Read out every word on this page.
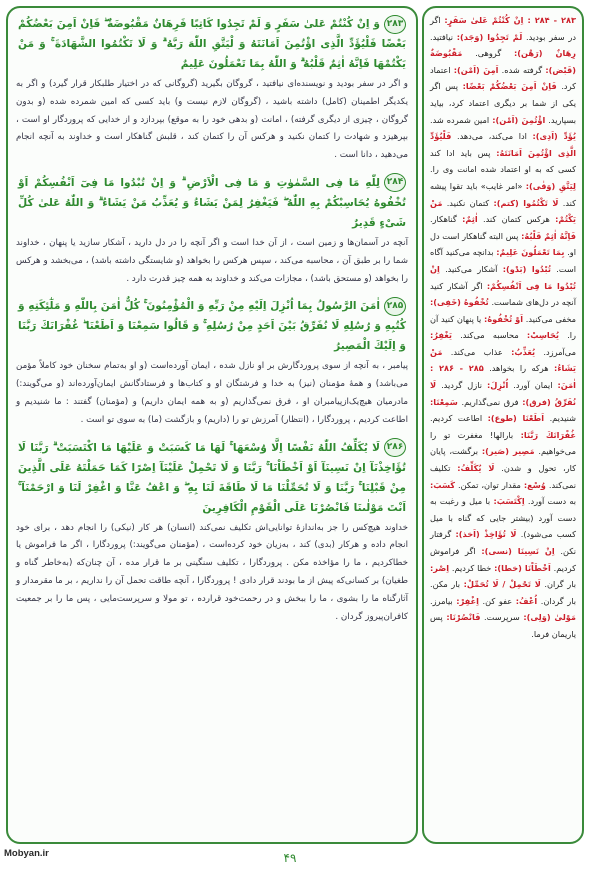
۲۸۳وَ اِنْ كُنْتُمْ عَلىٰ سَفَرٍ وَ لَمْ تَجِدُوا كَاتِبًا فَرِهَانٌ مَقْبُوضَةٌ ۖ فَاِنْ اَمِنَ بَعْضُكُمْ بَعْضًا فَلْيُؤَدِّ الَّذِى اؤْتُمِنَ اَمَانَتَهُ وَ لْيَتَّقِ اللّٰهَ رَبَّهُ ۗ وَ لَا تَكْتُمُوا الشَّهَادَةَ ۚ وَ مَنْ يَكْتُمْهَا فَاِنَّهُ اٰثِمٌ قَلْبُهُ ۗ وَ اللّٰهُ بِمَا تَعْمَلُونَ عَلِيمٌ
و اگر در سفر بودید و نویسنده‌ای نیافتید ، گروگان بگیرید (گروگانی که در اختیار طلبکار قرار گیرد) و اگر به یکدیگر اطمینان (کامل) داشته باشید ، (گروگان لازم نیست و) باید کسی که امین شمرده شده (و بدون گروگان ، چیزی از دیگری گرفته) ، امانت (و بدهی خود را به موقع) بپردازد و از خدایی که پروردگار او است ، بپرهیزد و شهادت را کتمان نکنید و هرکس آن را کتمان کند ، قلبش گناهکار است و خداوند به آنچه انجام می‌دهید ، دانا است .
۲۸۴لِلّٰهِ مَا فِى السَّمٰوٰتِ وَ مَا فِى الْاَرْضِ ۗ وَ اِنْ تُبْدُوا مَا فِىٓ اَنْفُسِكُمْ اَوْ تُخْفُوهُ يُحَاسِبْكُمْ بِهِ اللّٰهُ ۖ فَيَغْفِرُ لِمَنْ يَشَاءُ وَ يُعَذِّبُ مَنْ يَشَاءُ ۗ وَ اللّٰهُ عَلىٰ كُلِّ شَىْءٍ قَدِيرٌ
آنچه در آسمان‌ها و زمین است ، از آن خدا است و اگر آنچه را در دل دارید ، آشکار سازید یا پنهان ، خداوند شما را بر طبق آن ، محاسبه می‌کند ، سپس هرکس را بخواهد (و شایستگی داشته باشد) ، می‌بخشد و هرکس را بخواهد (و مستحق باشد) ، مجازات می‌کند و خداوند به همه چیز قدرت دارد .
۲۸۵اٰمَنَ الرَّسُولُ بِمَا اُنْزِلَ اِلَيْهِ مِنْ رَبِّهِ وَ الْمُؤْمِنُونَ ۚ كُلٌّ اٰمَنَ بِاللّٰهِ وَ مَلٰٓئِكَتِهِ وَ كُتُبِهِ وَ رُسُلِهِ لَا نُفَرِّقُ بَيْنَ اَحَدٍ مِنْ رُسُلِهِ ۚ وَ قَالُوا سَمِعْنَا وَ اَطَعْنَا ۖ غُفْرَانَكَ رَبَّنَا وَ اِلَيْكَ الْمَصِيرُ
پیامبر ، به آنچه از سوی پروردگارش بر او نازل شده ، ایمان آورده‌است (و او به‌تمام سخنان خود کاملاً مؤمن می‌باشد) و همهٔ مؤمنان (نیز) به خدا و فرشتگان او و کتاب‌ها و فرستادگانش ایمان‌آورده‌اند (و می‌گویند:) ما‌درمیان هیچ‌یک‌ازپیامبران او ، فرق نمی‌گذاریم (و به همه ایمان داریم) و (مؤمنان) گفتند : ما شنیدیم و اطاعت کردیم ، پروردگارا ، (انتظار) آمرزش تو را (داریم) و بازگشت (ما) به سوی تو است .
۲۸۶لَا يُكَلِّفُ اللّٰهُ نَفْسًا اِلَّا وُسْعَهَا ۚ لَهَا مَا كَسَبَتْ وَ عَلَيْهَا مَا اكْتَسَبَتْ ۗ رَبَّنَا لَا تُؤَاخِذْنَآ اِنْ نَسِينَآ اَوْ اَخْطَاْنَا ۚ رَبَّنَا وَ لَا تَحْمِلْ عَلَيْنَآ اِصْرًا كَمَا حَمَلْتَهُ عَلَى الَّذِينَ مِنْ قَبْلِنَا ۚ رَبَّنَا وَ لَا تُحَمِّلْنَا مَا لَا طَاقَةَ لَنَا بِهِ ۖ وَ اعْفُ عَنَّا وَ اغْفِرْ لَنَا وَ ارْحَمْنَآ ۚ اَنْتَ مَوْلٰىنَا فَانْصُرْنَا عَلَى الْقَوْمِ الْكَافِرِينَ
خداوند هیچ‌کس را جز به‌اندازهٔ توانایی‌اش تکلیف نمی‌کند (انسان) هر کار (نیکی) را انجام دهد ، برای خود انجام داده و هرکار (بدی) کند ، به‌زیان خود کرده‌است ، (مؤمنان می‌گویند:) پروردگارا ، اگر ما فراموش یا خطاکردیم ، ما را مؤاخذه مکن . پروردگارا ، تکلیف سنگینی بر ما قرار مده ، آن چنان‌که (به‌خاطر گناه و طغیان) بر کسانی‌که پیش از ما بودند قرار دادی ! پروردگارا ، آنچه طاقت تحمل آن را نداریم ، بر ما مقرمدار و آثارگناه ما را بشوی ، ما را ببخش و در رحمت‌خود قرارده ، تو مولا و سرپرست‌مایی ، پس ما را بر جمعیت کافران‌پیروز گردان .
۲۸۳ - ۲۸۴ : اِنْ كُنْتُمْ عَلىٰ سَفَرٍ: اگر در سفر بودید. لَمْ تَجِدُوا (وَجَد): نیافتید. رِهَانٌ (رَهْن): گروهی. مَقْبُوضَةٌ (قَبْض): گرفته شده. اَمِنَ (اَمْن): اعتماد کرد. فَاِنْ اَمِنَ بَعْضُكُمْ بَعْضًا: پس اگر یکی از شما بر دیگری اعتماد کرد، بیاید بسپارید. اؤْتُمِنَ (اَمْن): امین شمرده شد. يُؤَدِّ (اَدِی): ادا می‌کند، می‌دهد. فَلْيُؤَدِّ الَّذِى اؤْتُمِنَ اَمَانَتَهُ: پس باید ادا کند کسی که به او اعتماد شده امانت وی را. لِيَتَّقِ (وَقٰی): «امر غایب» باید تقوا پیشه کند. لَا تَكْتُمُوا (كتم): کتمان نکنید. مَنْ يَكْتُمْ: هرکس کتمان کند. اٰثِمٌ: گناهکار. فَاِنَّهُ اٰثِمٌ قَلْبُهُ: پس البته گناهکار است دل او. بِمَا تَعْمَلُونَ عَلِيمٌ: بدانچه می‌کنید آگاه است. تُبْدُوا (بَدْو): آشکار می‌کنید. اِنْ تُبْدُوا مَا فِى اَنْفُسِكُمْ: اگر آشکار کنید آنچه در دل‌های شماست. تُخْفُوهُ (خَفِى): مخفی می‌کنید. اَوْ تُخْفُوهُ: یا پنهان کنید آن را. يُحَاسِبْ: محاسبه می‌کند. يَغْفِرُ: می‌آمرزد. يُعَذِّبُ: عذاب می‌کند. مَنْ يَشَاءُ: هرکه را بخواهد. ۲۸۵ - ۲۸۶ : اٰمَنَ: ایمان آورد. اُنْزِلَ: نازل گردید. لَا نُفَرِّقُ (فرق): فرق نمی‌گذاریم. سَمِعْنَا: شنیدیم. اَطَعْنَا (طوع): اطاعت کردیم. غُفْرَانَكَ رَبَّنَا: بارالها! مغفرت تو را می‌خواهیم. مَصِير (صَير): برگشت، پایان کار، تحول و شدن. لَا يُكَلِّفُ: تکلیف نمی‌کند. وُسْع: مقدار توان، تمکن. كَسَبَ: به دست آورد. اِكْتَسَبَ: با میل و رغبت به دست آورد (بیشتر جایی که گناه با میل کسب می‌شود). لَا تُؤَاخِذْ (اَخذ): گرفتار نکن. اِنْ نَسِينَا (نسی): اگر فراموش کردیم. اَخْطَاْنَا (خطا): خطا کردیم. اِصْر: بار گران. لَا تَحْمِلْ / لَا تُحَمِّلْ: بار مکن. بار گردان. اُعْفُ: عفو کن. اِغْفِرْ: بیامرز. مَوْلىٰ (وَلِی): سرپرست. فَانْصُرْنَا: پس یاریمان فرما.
Mobyan.ir	۴۹
